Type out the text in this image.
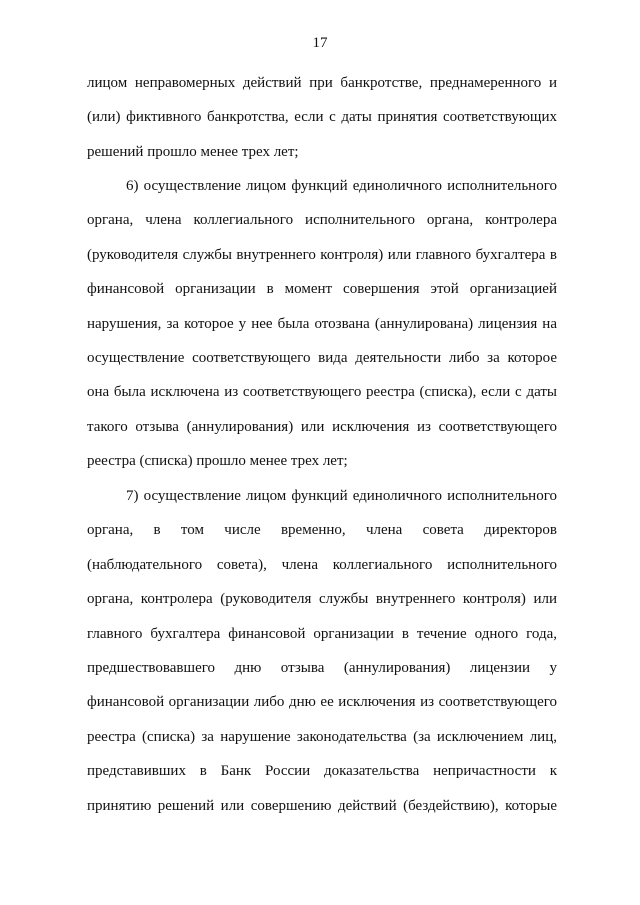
17
лицом неправомерных действий при банкротстве, преднамеренного и
(или) фиктивного банкротства, если с даты принятия соответствующих
решений прошло менее трех лет;
6) осуществление лицом функций единоличного исполнительного
органа, члена коллегиального исполнительного органа, контролера
(руководителя службы внутреннего контроля) или главного бухгалтера в
финансовой организации в момент совершения этой организацией
нарушения, за которое у нее была отозвана (аннулирована) лицензия на
осуществление соответствующего вида деятельности либо за которое
она была исключена из соответствующего реестра (списка), если с даты
такого отзыва (аннулирования) или исключения из соответствующего
реестра (списка) прошло менее трех лет;
7) осуществление лицом функций единоличного исполнительного
органа, в том числе временно, члена совета директоров
(наблюдательного совета), члена коллегиального исполнительного
органа, контролера (руководителя службы внутреннего контроля) или
главного бухгалтера финансовой организации в течение одного года,
предшествовавшего дню отзыва (аннулирования) лицензии у
финансовой организации либо дню ее исключения из соответствующего
реестра (списка) за нарушение законодательства (за исключением лиц,
представивших в Банк России доказательства непричастности к
принятию решений или совершению действий (бездействию), которые
